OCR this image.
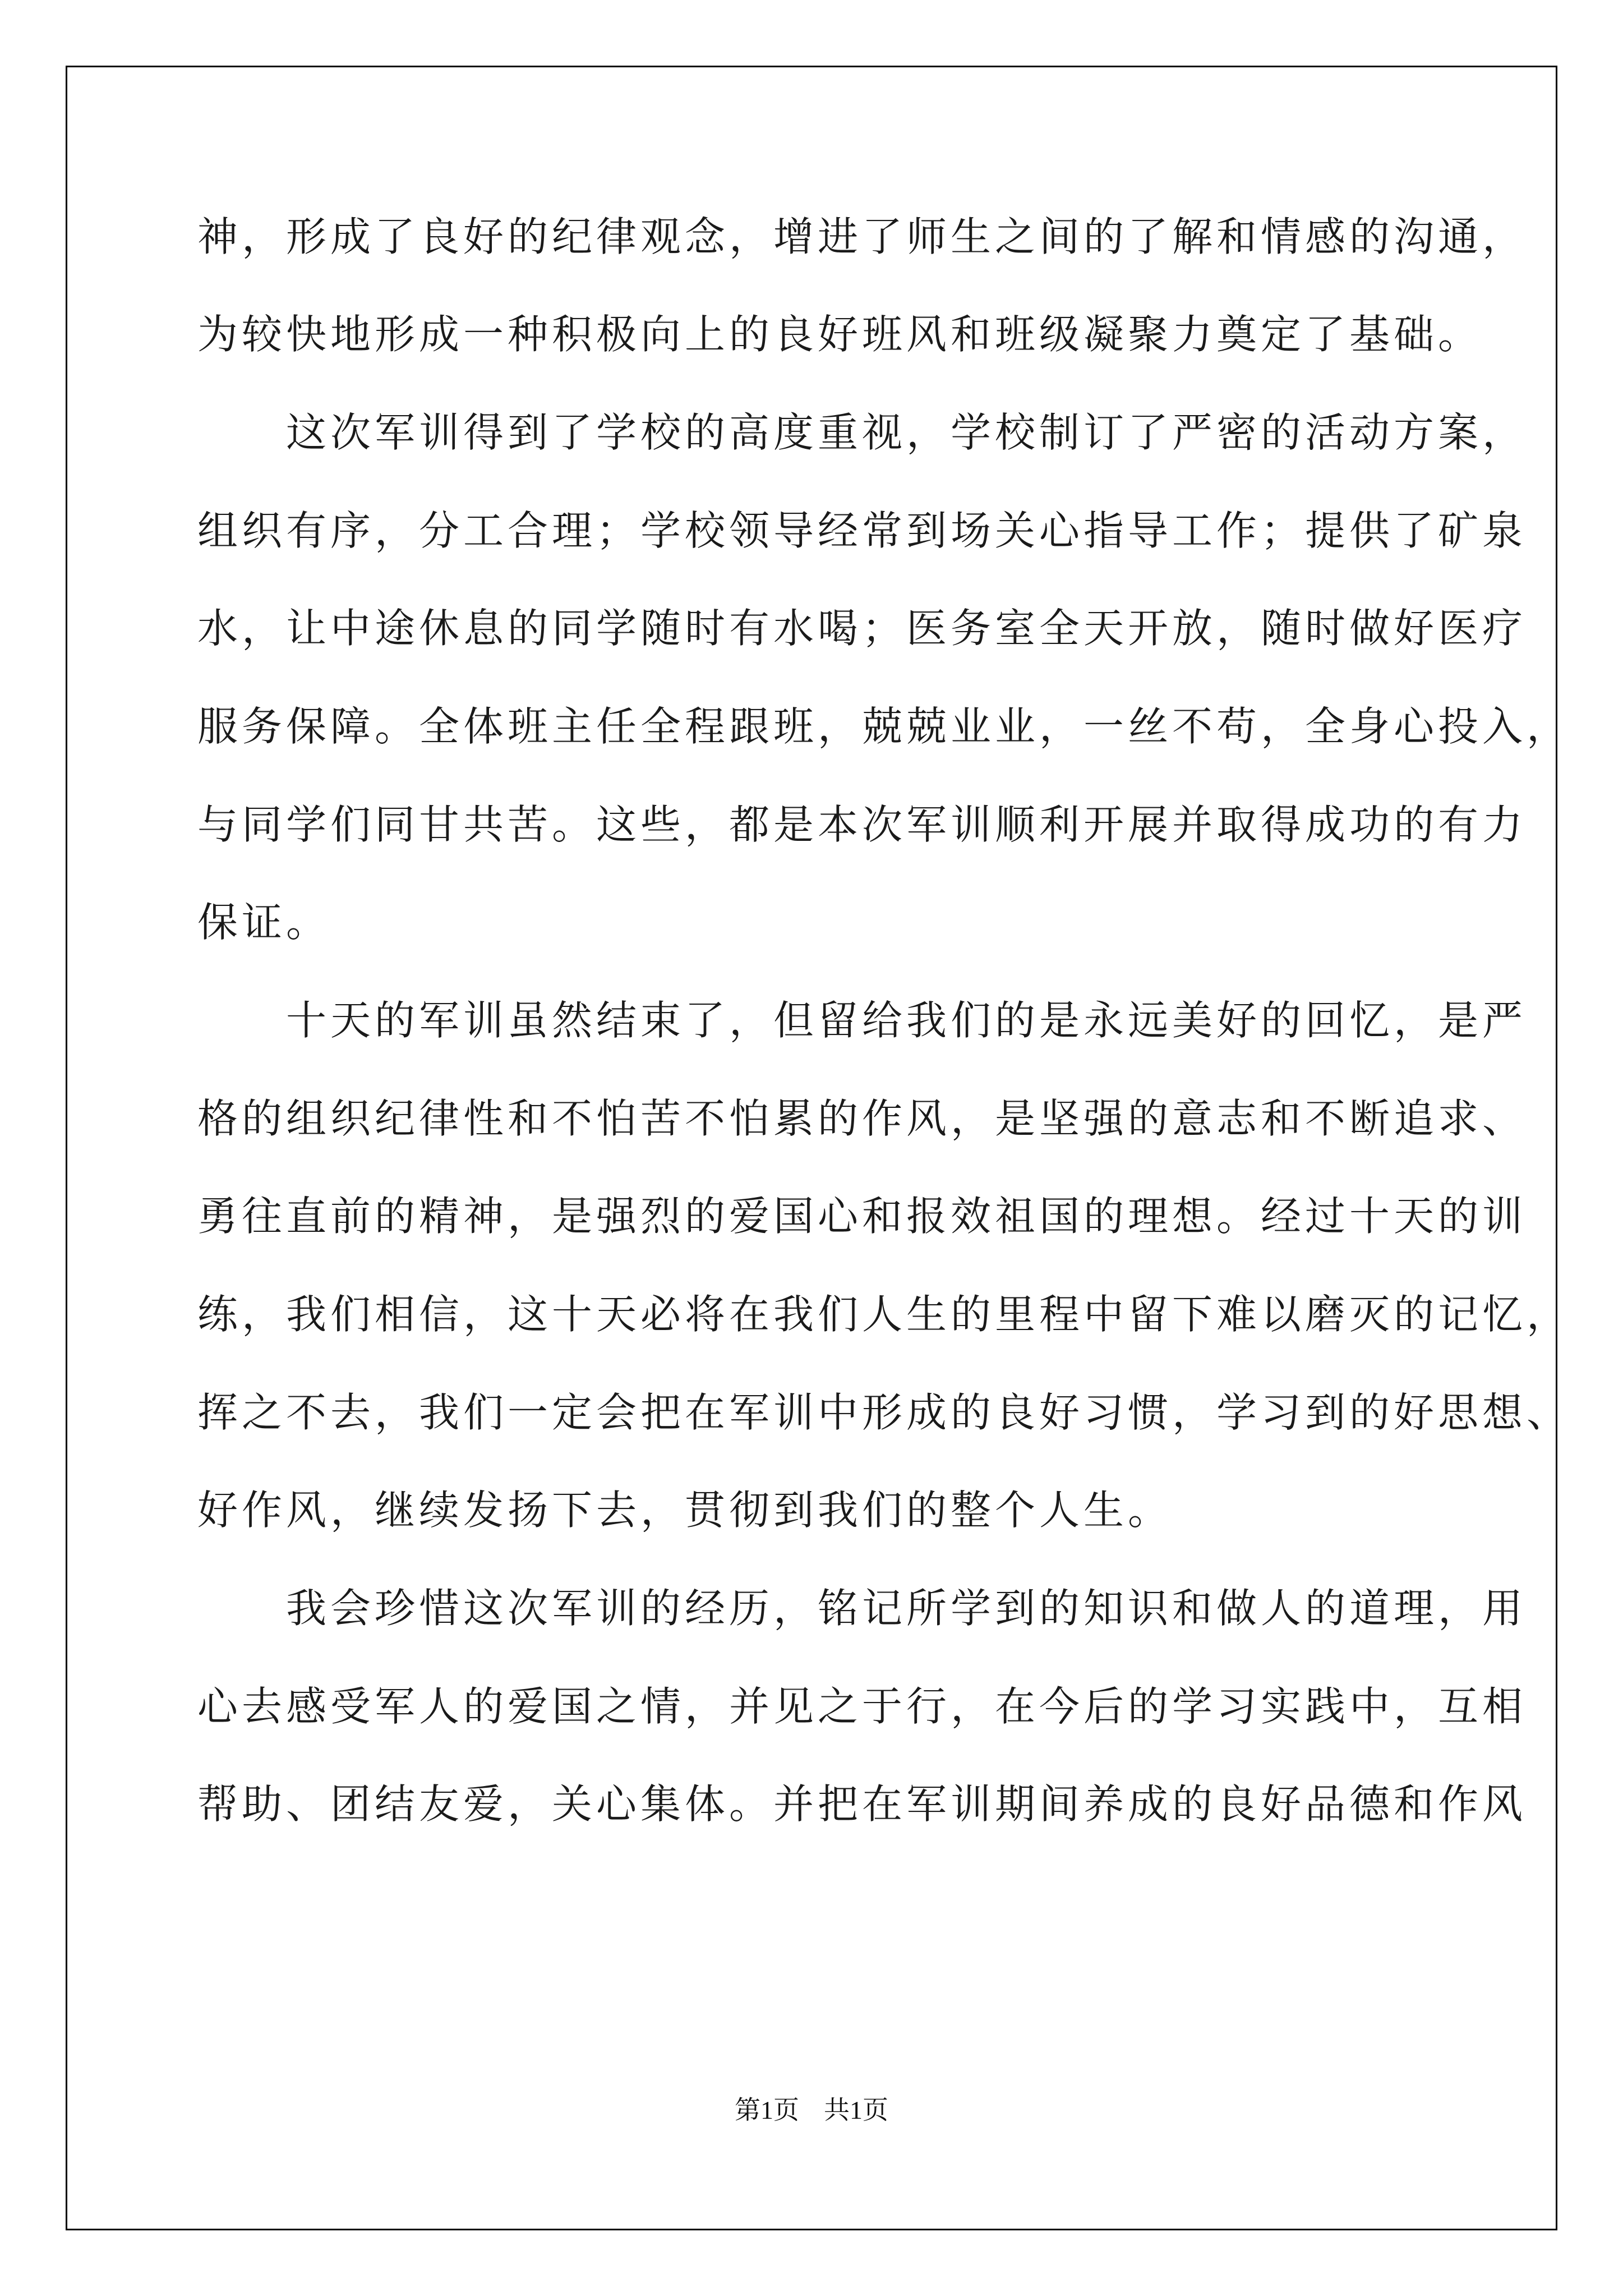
神，形成了良好的纪律观念，增进了师生之间的了解和情感的沟通，
为较快地形成一种积极向上的良好班风和班级凝聚力奠定了基础。
　　这次军训得到了学校的高度重视，学校制订了严密的活动方案，
组织有序，分工合理；学校领导经常到场关心指导工作；提供了矿泉
水，让中途休息的同学随时有水喝；医务室全天开放，随时做好医疗
服务保障。全体班主任全程跟班，兢兢业业，一丝不苟，全身心投入，
与同学们同甘共苦。这些，都是本次军训顺利开展并取得成功的有力
保证。
　　十天的军训虽然结束了，但留给我们的是永远美好的回忆，是严
格的组织纪律性和不怕苦不怕累的作风，是坚强的意志和不断追求、
勇往直前的精神，是强烈的爱国心和报效祖国的理想。经过十天的训
练，我们相信，这十天必将在我们人生的里程中留下难以磨灭的记忆，
挥之不去，我们一定会把在军训中形成的良好习惯，学习到的好思想、
好作风，继续发扬下去，贯彻到我们的整个人生。
　　我会珍惜这次军训的经历，铭记所学到的知识和做人的道理，用
心去感受军人的爱国之情，并见之于行，在今后的学习实践中，互相
帮助、团结友爱，关心集体。并把在军训期间养成的良好品德和作风
第1页 共1页
